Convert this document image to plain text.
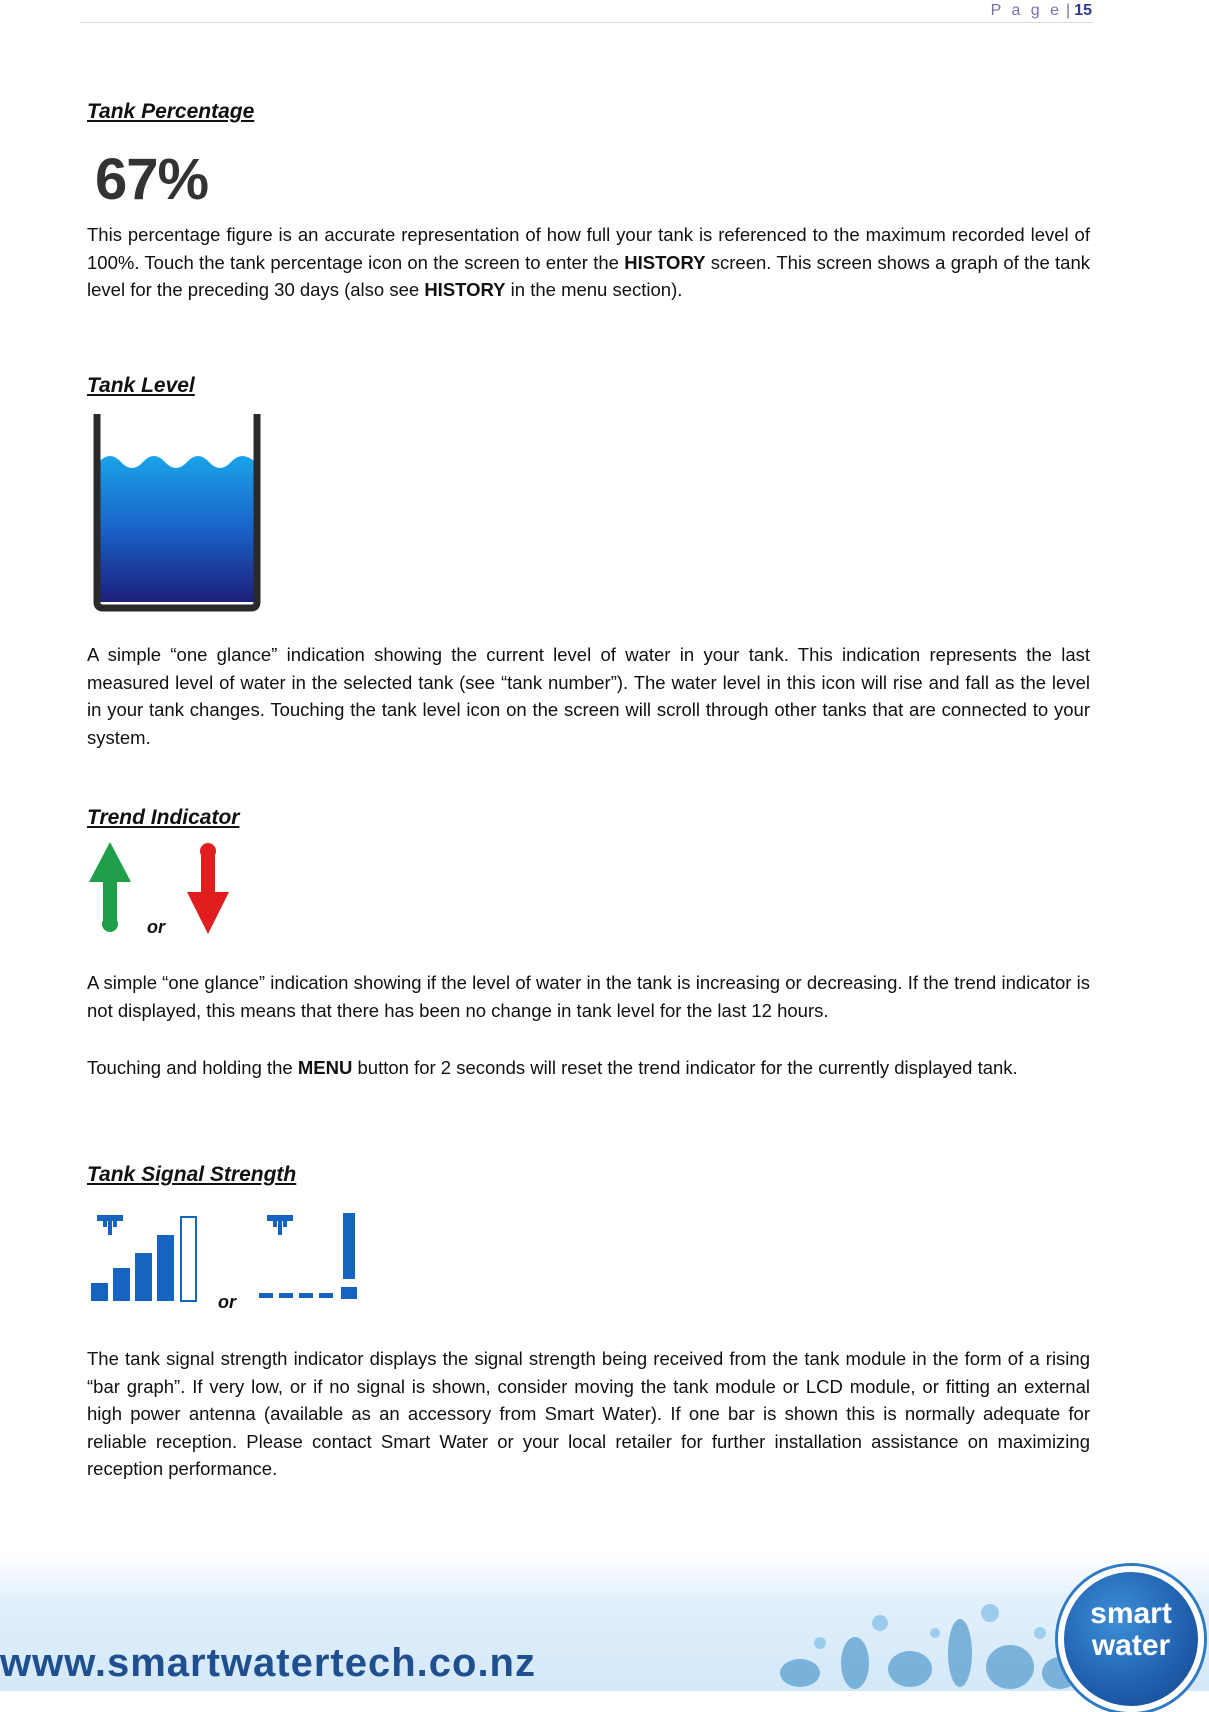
P a g e | 15
Tank Percentage
67%
This percentage figure is an accurate representation of how full your tank is referenced to the maximum recorded level of 100%. Touch the tank percentage icon on the screen to enter the HISTORY screen. This screen shows a graph of the tank level for the preceding 30 days (also see HISTORY in the menu section).
Tank Level
A simple “one glance” indication showing the current level of water in your tank. This indication represents the last measured level of water in the selected tank (see “tank number”). The water level in this icon will rise and fall as the level in your tank changes. Touching the tank level icon on the screen will scroll through other tanks that are connected to your system.
Trend Indicator
or
A simple “one glance” indication showing if the level of water in the tank is increasing or decreasing. If the trend indicator is not displayed, this means that there has been no change in tank level for the last 12 hours.
Touching and holding the MENU button for 2 seconds will reset the trend indicator for the currently displayed tank.
Tank Signal Strength
or
The tank signal strength indicator displays the signal strength being received from the tank module in the form of a rising “bar graph”. If very low, or if no signal is shown, consider moving the tank module or LCD module, or fitting an external high power antenna (available as an accessory from Smart Water). If one bar is shown this is normally adequate for reliable reception. Please contact Smart Water or your local retailer for further installation assistance on maximizing reception performance.
smart
water
www.smartwatertech.co.nz
